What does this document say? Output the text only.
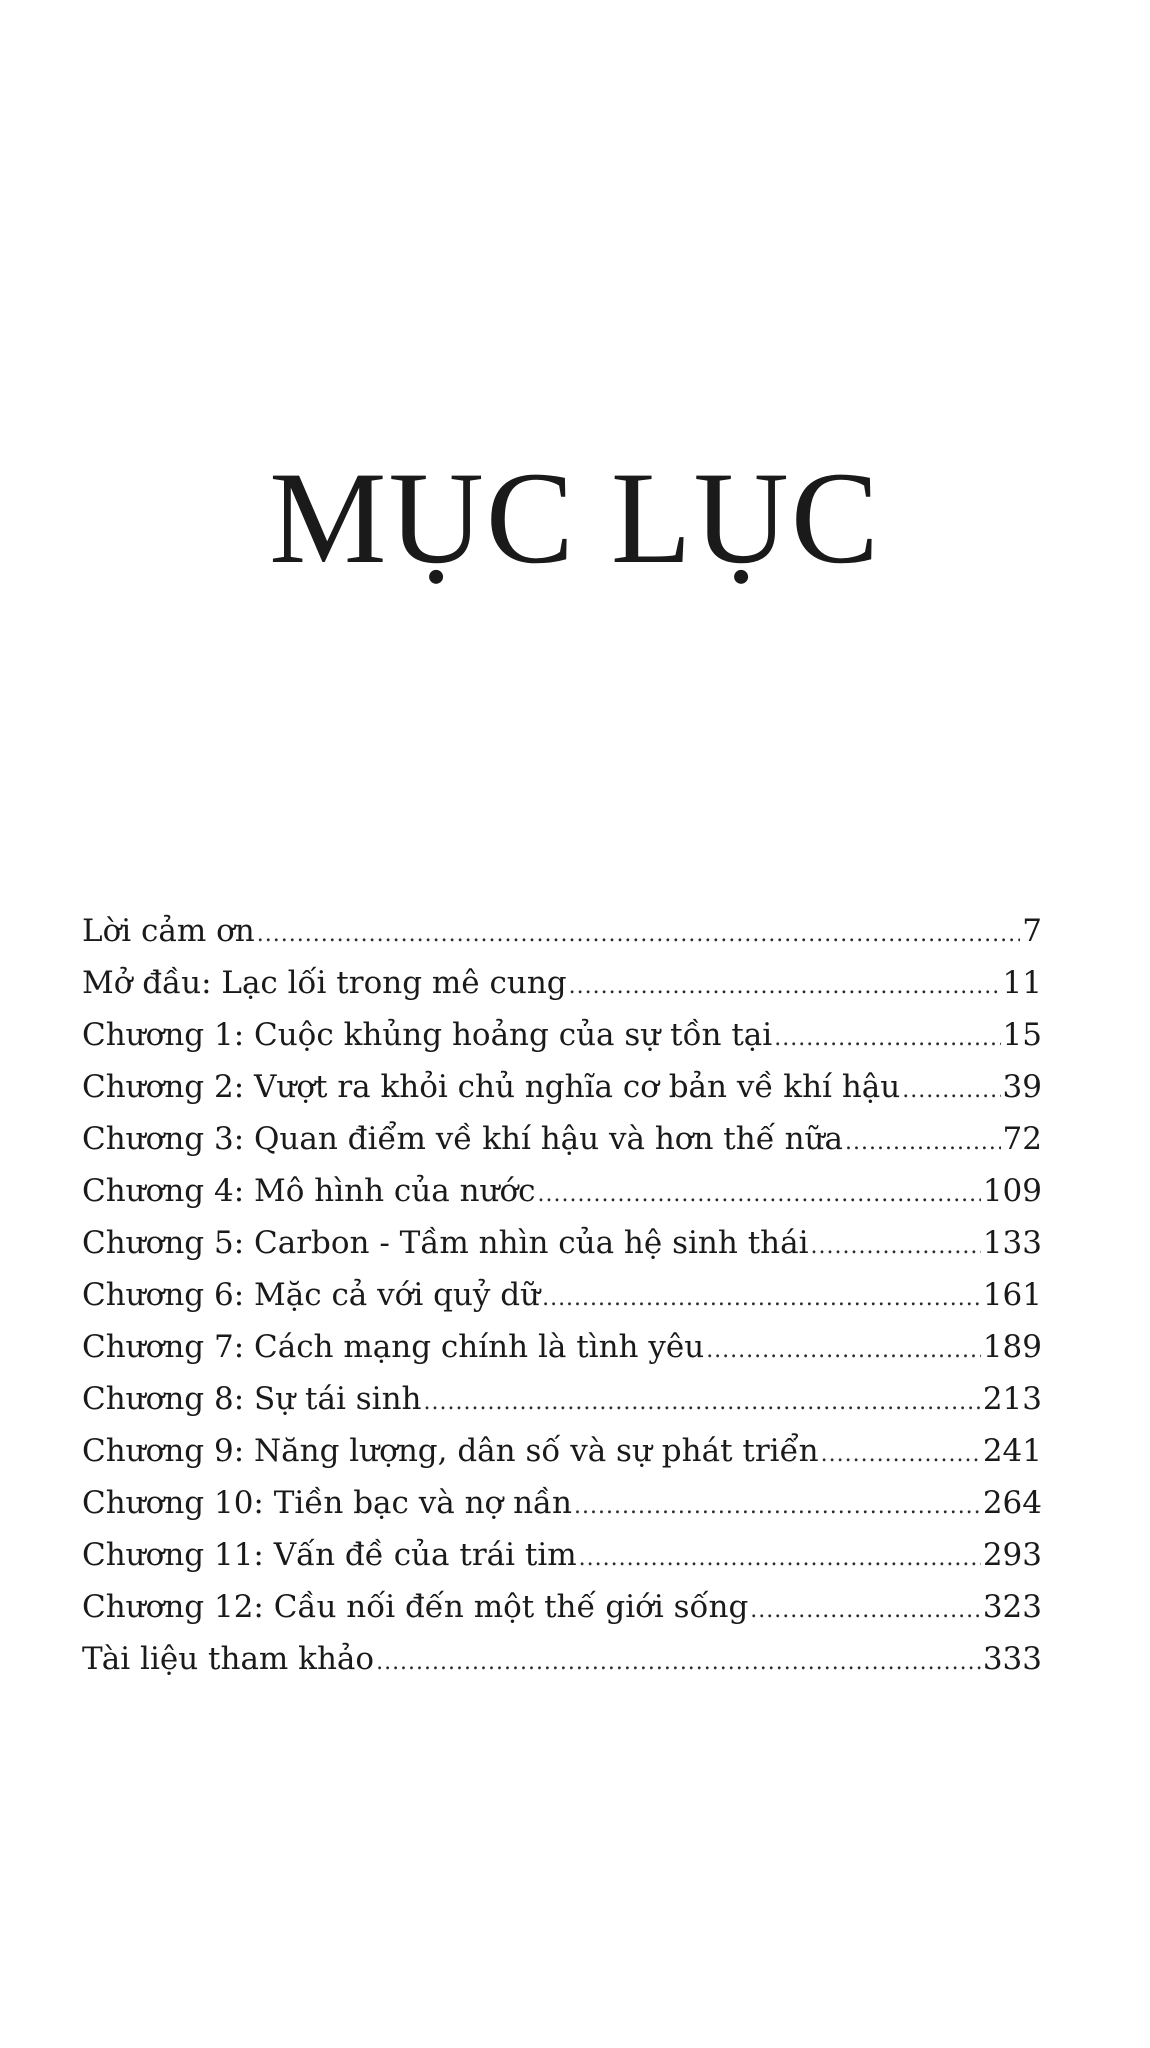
MỤC LỤC
Lời cảm ơn .....	7
Mở đầu: Lạc lối trong mê cung .....	11
Chương 1: Cuộc khủng hoảng của sự tồn tại .....	15
Chương 2: Vượt ra khỏi chủ nghĩa cơ bản về khí hậu .....	39
Chương 3: Quan điểm về khí hậu và hơn thế nữa .....	72
Chương 4: Mô hình của nước .....	109
Chương 5: Carbon - Tầm nhìn của hệ sinh thái .....	133
Chương 6: Mặc cả với quỷ dữ .....	161
Chương 7: Cách mạng chính là tình yêu .....	189
Chương 8: Sự tái sinh .....	213
Chương 9: Năng lượng, dân số và sự phát triển .....	241
Chương 10: Tiền bạc và nợ nần .....	264
Chương 11: Vấn đề của trái tim .....	293
Chương 12: Cầu nối đến một thế giới sống .....	323
Tài liệu tham khảo .....	333
